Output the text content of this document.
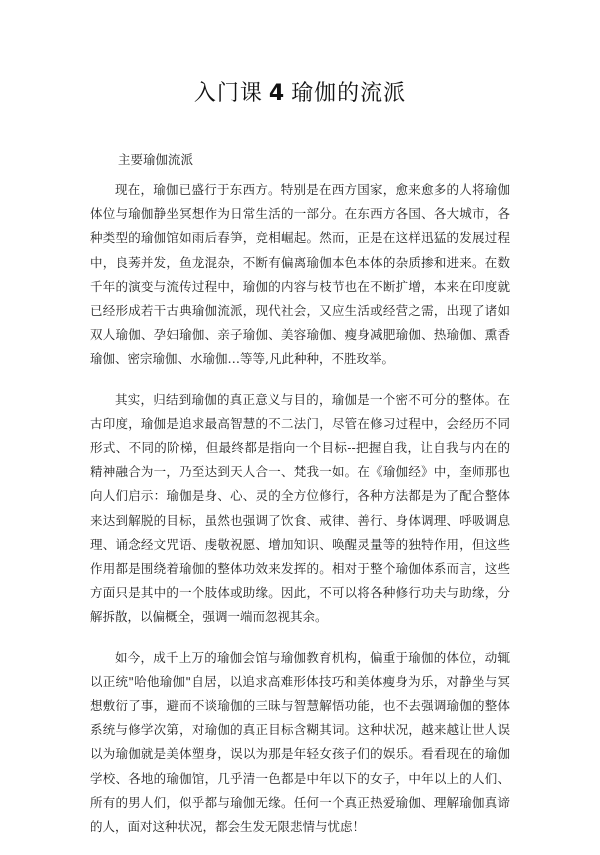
入门课 4 瑜伽的流派
主要瑜伽流派

现在，瑜伽已盛行于东西方。特别是在西方国家，愈来愈多的人将瑜伽体位与瑜伽静坐冥想作为日常生活的一部分。在东西方各国、各大城市，各种类型的瑜伽馆如雨后春笋，竞相崛起。然而，正是在这样迅猛的发展过程中，良莠并发，鱼龙混杂，不断有偏离瑜伽本色本体的杂质掺和进来。在数千年的演变与流传过程中，瑜伽的内容与枝节也在不断扩增，本来在印度就已经形成若干古典瑜伽流派，现代社会，又应生活或经营之需，出现了诸如双人瑜伽、孕妇瑜伽、亲子瑜伽、美容瑜伽、瘦身减肥瑜伽、热瑜伽、熏香瑜伽、密宗瑜伽、水瑜伽…等等,凡此种种，不胜玫举。

其实，归结到瑜伽的真正意义与目的，瑜伽是一个密不可分的整体。在古印度，瑜伽是追求最高智慧的不二法门，尽管在修习过程中，会经历不同形式、不同的阶梯，但最终都是指向一个目标--把握自我，让自我与内在的精神融合为一，乃至达到天人合一、梵我一如。在《瑜伽经》中，奎师那也向人们启示：瑜伽是身、心、灵的全方位修行，各种方法都是为了配合整体来达到解脱的目标，虽然也强调了饮食、戒律、善行、身体调理、呼吸调息理、诵念经文咒语、虔敬祝愿、增加知识、唤醒灵量等的独特作用，但这些作用都是围绕着瑜伽的整体功效来发挥的。相对于整个瑜伽体系而言，这些方面只是其中的一个肢体或助缘。因此，不可以将各种修行功夫与助缘，分解拆散，以偏概全，强调一端而忽视其余。

如今，成千上万的瑜伽会馆与瑜伽教育机构，偏重于瑜伽的体位，动辄以正统"哈他瑜伽"自居，以追求高难形体技巧和美体瘦身为乐，对静坐与冥想敷衍了事，避而不谈瑜伽的三昧与智慧解悟功能，也不去强调瑜伽的整体系统与修学次第，对瑜伽的真正目标含糊其词。这种状况，越来越让世人误以为瑜伽就是美体塑身，误以为那是年轻女孩子们的娱乐。看看现在的瑜伽学校、各地的瑜伽馆，几乎清一色都是中年以下的女子，中年以上的人们、所有的男人们，似乎都与瑜伽无缘。任何一个真正热爱瑜伽、理解瑜伽真谛的人，面对这种状况，都会生发无限悲情与忧虑！
